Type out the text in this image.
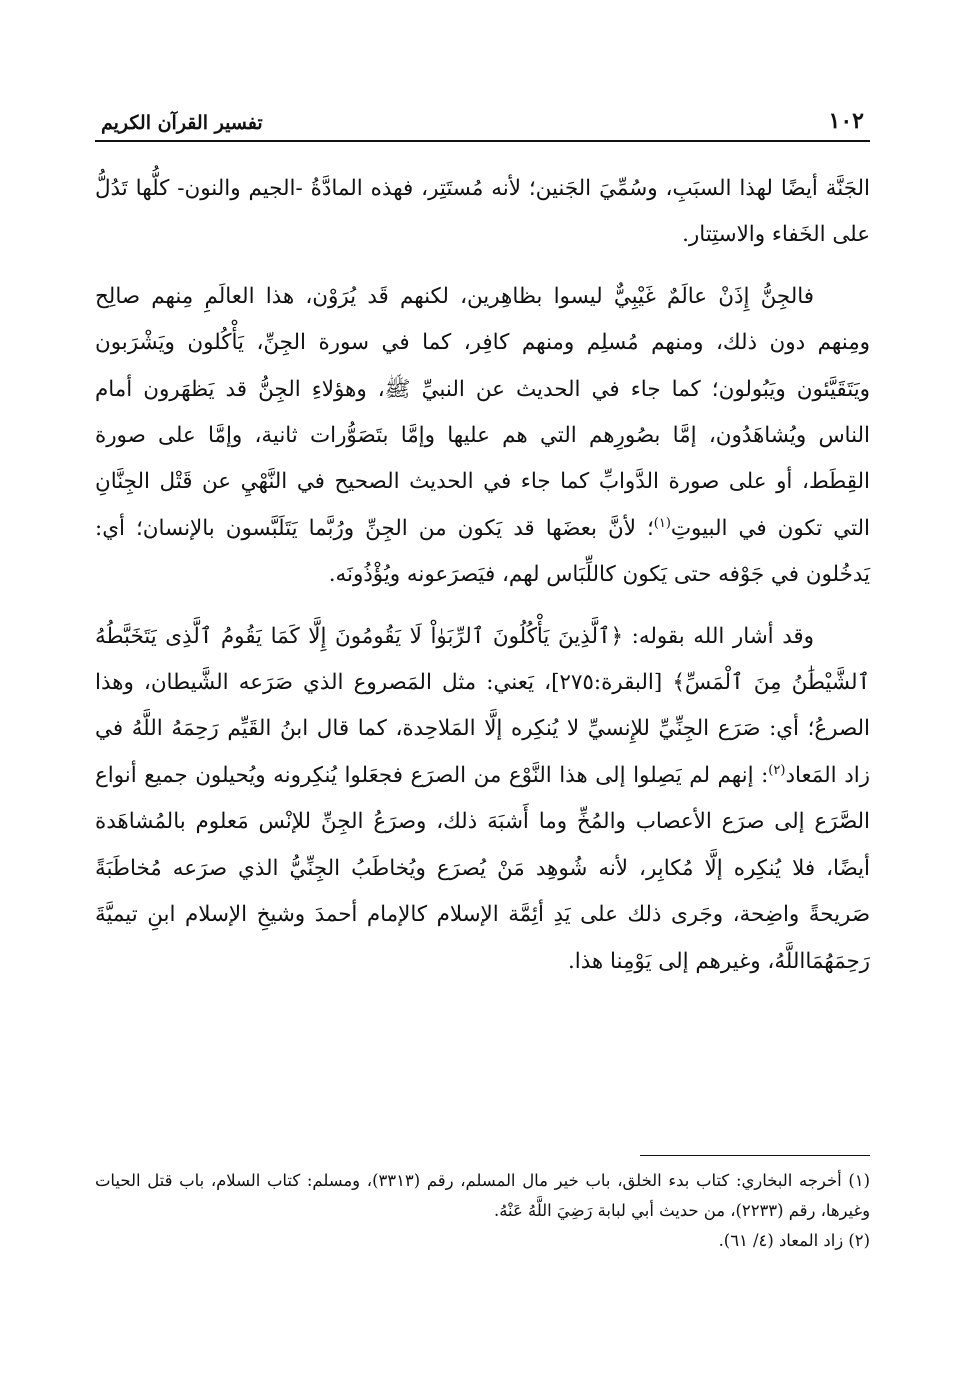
١٠٢
تفسير القرآن الكريم

الجَنَّة أيضًا لهذا السبَبِ، وسُمِّيَ الجَنين؛ لأنه مُستَتِر، فهذه المادَّةُ -الجيم والنون- كلُّها تَدُلُّ على الخَفاء والاستِتار.

فالجِنُّ إِذَنْ عالَمٌ غَيْبِيٌّ ليسوا بظاهِرين، لكنهم قَد يُرَوْن، هذا العالَمِ مِنهم صالِح ومِنهم دون ذلك، ومنهم مُسلِم ومنهم كافِر، كما في سورة الجِنِّ، يَأْكُلون ويَشْرَبون ويَتَقَيَّئون ويَبُولون؛ كما جاء في الحديث عن النبيِّ ﷺ، وهؤلاءِ الجِنُّ قد يَظهَرون أمام الناس ويُشاهَدُون، إمَّا بصُورِهم التي هم عليها وإمَّا بتَصَوُّرات ثانية، وإمَّا على صورة القِطَط، أو على صورة الدَّوابِّ كما جاء في الحديث الصحيح في النَّهْيِ عن قَتْل الجِنَّانِ التي تكون في البيوتِ$^{(١)}$؛ لأنَّ بعضَها قد يَكون من الجِنِّ ورُبَّما يَتَلَبَّسون بالإنسان؛ أي: يَدخُلون في جَوْفه حتى يَكون كاللِّبَاس لهم، فيَصرَعونه ويُؤْذُونَه.

وقد أشار الله بقوله: ﴿ٱلَّذِينَ يَأْكُلُونَ ٱلرِّبَوٰاْ لَا يَقُومُونَ إِلَّا كَمَا يَقُومُ ٱلَّذِى يَتَخَبَّطُهُ ٱلشَّيْطَٰنُ مِنَ ٱلْمَسِّ﴾ [البقرة:٢٧٥]، يَعني: مثل المَصروع الذي صَرَعه الشَّيطان، وهذا الصرعُ؛ أي: صَرَع الجِنِّيِّ للإِنسيِّ لا يُنكِره إلَّا المَلاحِدة، كما قال ابنُ القَيِّم رَحِمَهُ اللَّهُ في زاد المَعاد$^{(٢)}$: إنهم لم يَصِلوا إلى هذا النَّوْع من الصرَع فجعَلوا يُنكِرونه ويُحيلون جميع أنواع الصَّرَع إلى صرَع الأعصاب والمُخِّ وما أَشبَهَ ذلك، وصرَعُ الجِنِّ للإنْس مَعلوم بالمُشاهَدة أيضًا، فلا يُنكِره إلَّا مُكابِر، لأنه شُوهِد مَنْ يُصرَع ويُخاطَبُ الجِنِّيُّ الذي صرَعه مُخاطَبَةً صَريحةً واضِحة، وجَرى ذلك على يَدِ أئِمَّة الإسلام كالإمام أحمدَ وشيخِ الإسلام ابنِ تيميَّةَ رَحِمَهُمَااللَّهُ، وغيرهم إلى يَوْمِنا هذا.

(١) أخرجه البخاري: كتاب بدء الخلق، باب خير مال المسلم، رقم (٣٣١٣)، ومسلم: كتاب السلام، باب قتل الحيات وغيرها، رقم (٢٢٣٣)، من حديث أبي لبابة رَضِيَ اللَّهُ عَنْهُ.

(٢) زاد المعاد (٤/ ٦١).
